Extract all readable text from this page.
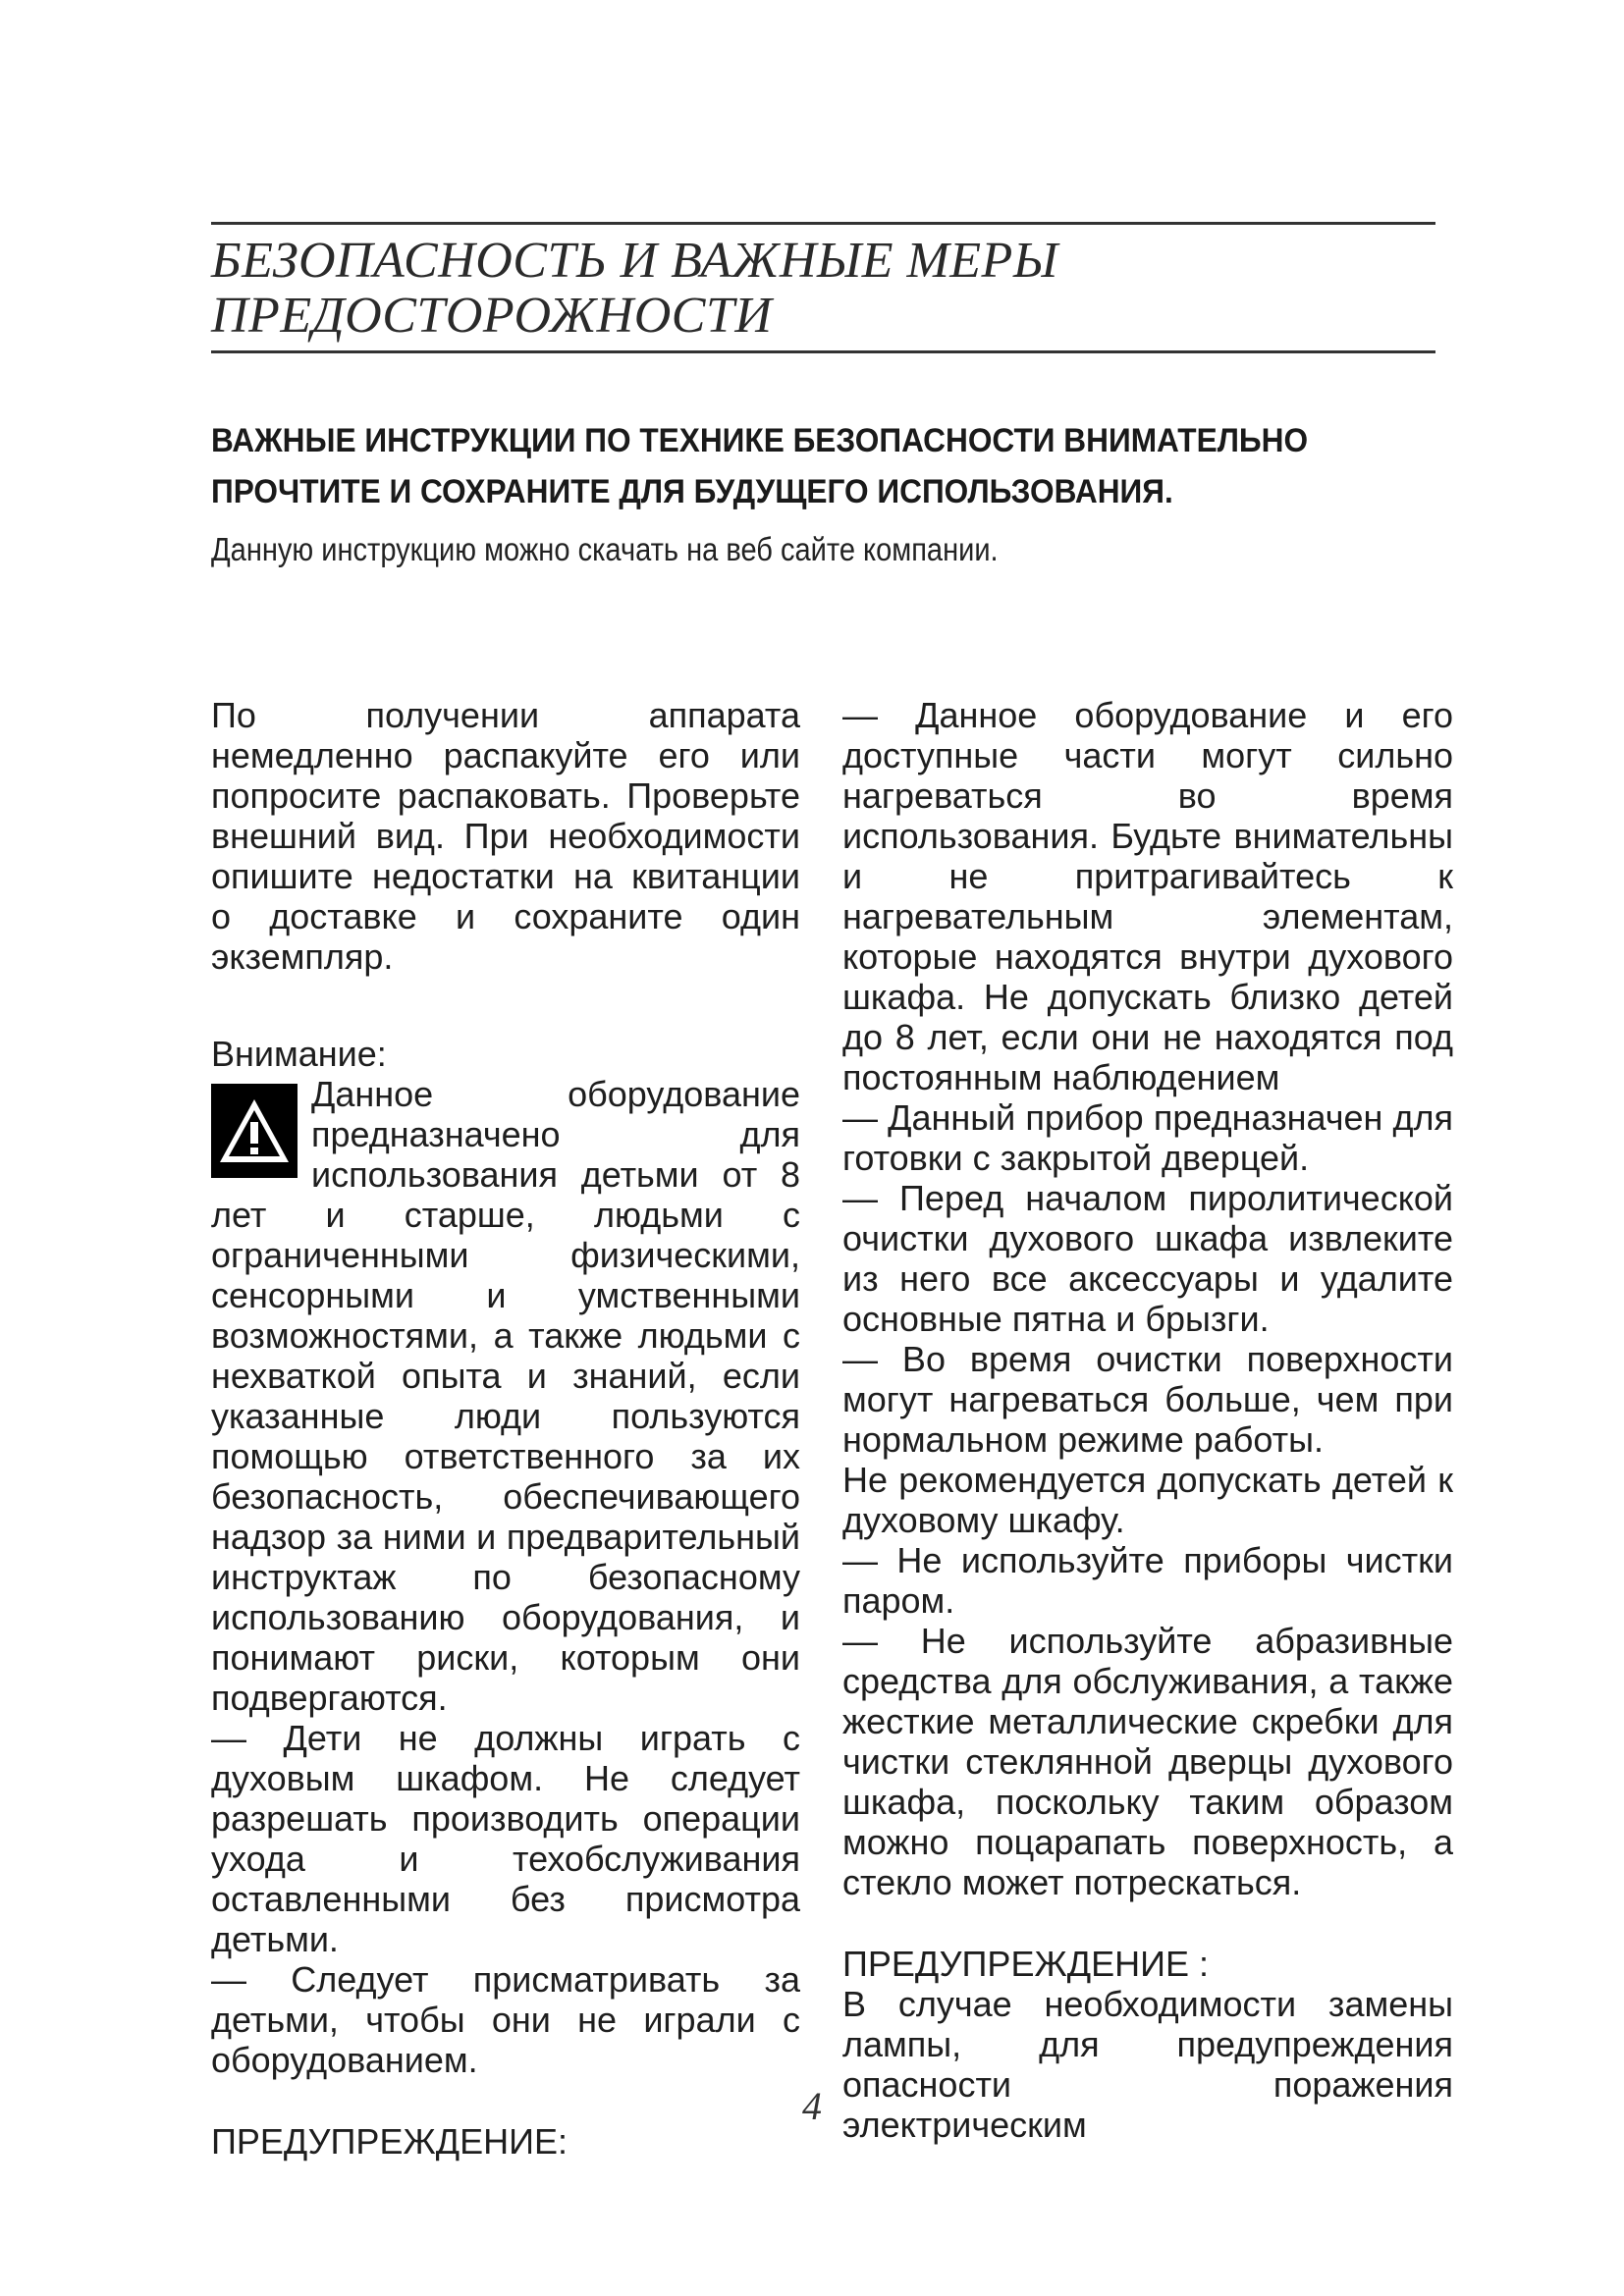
БЕЗОПАСНОСТЬ И ВАЖНЫЕ МЕРЫ
ПРЕДОСТОРОЖНОСТИ
ВАЖНЫЕ ИНСТРУКЦИИ ПО ТЕХНИКЕ БЕЗОПАСНОСТИ ВНИМАТЕЛЬНО
ПРОЧТИТЕ И СОХРАНИТЕ ДЛЯ БУДУЩЕГО ИСПОЛЬЗОВАНИЯ.

Данную инструкцию можно скачать на веб сайте компании.

По получении аппарата немедленно распакуйте его или попросите распаковать. Проверьте внешний вид. При необходимости опишите недостатки на квитанции о доставке и сохраните один экземпляр.

Внимание:

Данное оборудование предназначено для использования детьми от 8 лет и старше, людьми с ограниченными физическими, сенсорными и умственными возможностями, а также людьми с нехваткой опыта и знаний, если указанные люди пользуются помощью ответственного за их безопасность, обеспечивающего надзор за ними и предварительный инструктаж по безопасному использованию оборудования, и понимают риски, которым они подвергаются.

— Дети не должны играть с духовым шкафом. Не следует разрешать производить операции ухода и техобслуживания оставленными без присмотра детьми.

— Следует присматривать за детьми, чтобы они не играли с оборудованием.

ПРЕДУПРЕЖДЕНИЕ:

— Данное оборудование и его доступные части могут сильно нагреваться во время использования. Будьте внимательны и не притрагивайтесь к нагревательным элементам, которые находятся внутри духового шкафа. Не допускать близко детей до 8 лет, если они не находятся под постоянным наблюдением

— Данный прибор предназначен для готовки с закрытой дверцей.

— Перед началом пиролитической очистки духового шкафа извлеките из него все аксессуары и удалите основные пятна и брызги.

— Во время очистки поверхности могут нагреваться больше, чем при нормальном режиме работы.

Не рекомендуется допускать детей к духовому шкафу.

— Не используйте приборы чистки паром.

— Не используйте абразивные средства для обслуживания, а также жесткие металлические скребки для чистки стеклянной дверцы духового шкафа, поскольку таким образом можно поцарапать поверхность, а стекло может потрескаться.

ПРЕДУПРЕЖДЕНИЕ :

В случае необходимости замены лампы, для предупреждения опасности поражения электрическим

4
